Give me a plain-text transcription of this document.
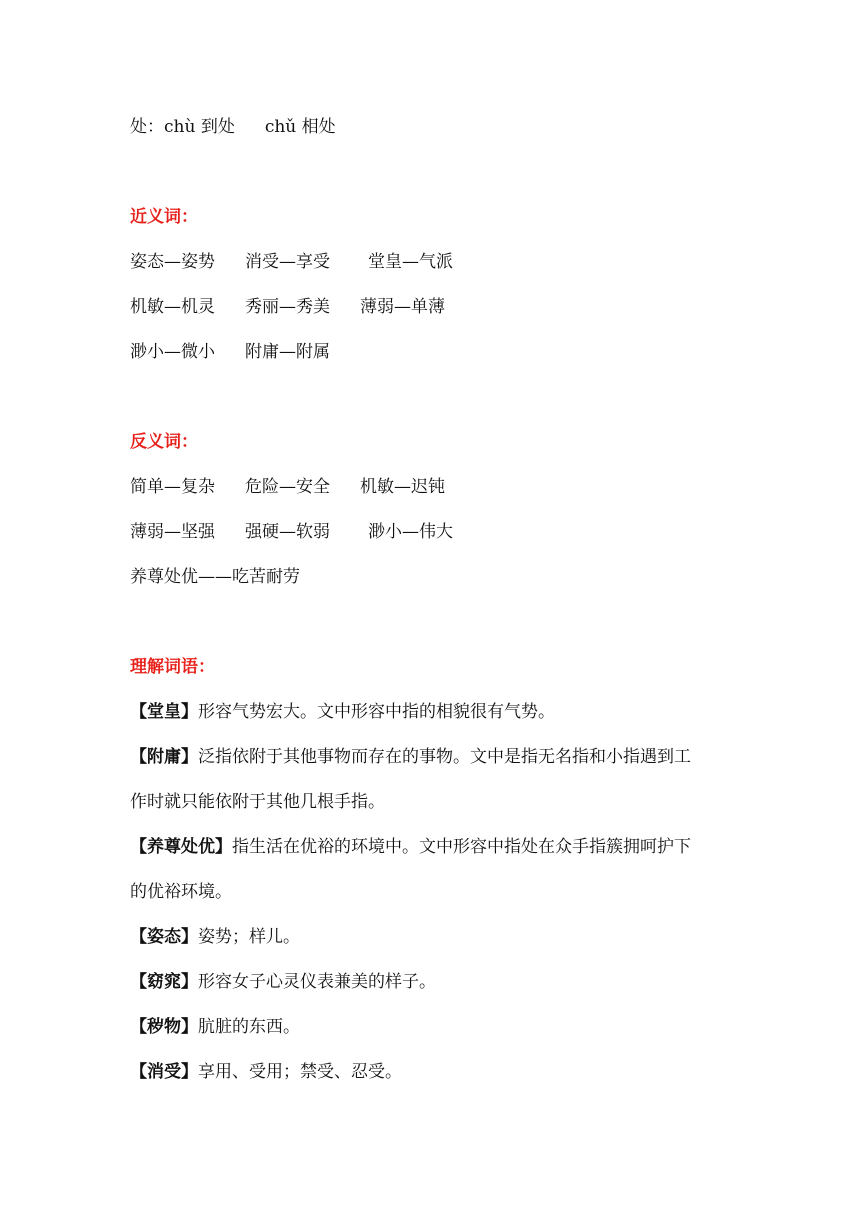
处：chù 到处 chǔ 相处

近义词：

姿态—姿势 消受—享受 堂皇—气派

机敏—机灵 秀丽—秀美 薄弱—单薄

渺小—微小 附庸—附属

反义词：

简单—复杂 危险—安全 机敏—迟钝

薄弱—坚强 强硬—软弱 渺小—伟大

养尊处优——吃苦耐劳

理解词语：

【堂皇】形容气势宏大。文中形容中指的相貌很有气势。

【附庸】泛指依附于其他事物而存在的事物。文中是指无名指和小指遇到工

作时就只能依附于其他几根手指。

【养尊处优】指生活在优裕的环境中。文中形容中指处在众手指簇拥呵护下

的优裕环境。

【姿态】姿势；样儿。

【窈窕】形容女子心灵仪表兼美的样子。

【秽物】肮脏的东西。

【消受】享用、受用；禁受、忍受。
